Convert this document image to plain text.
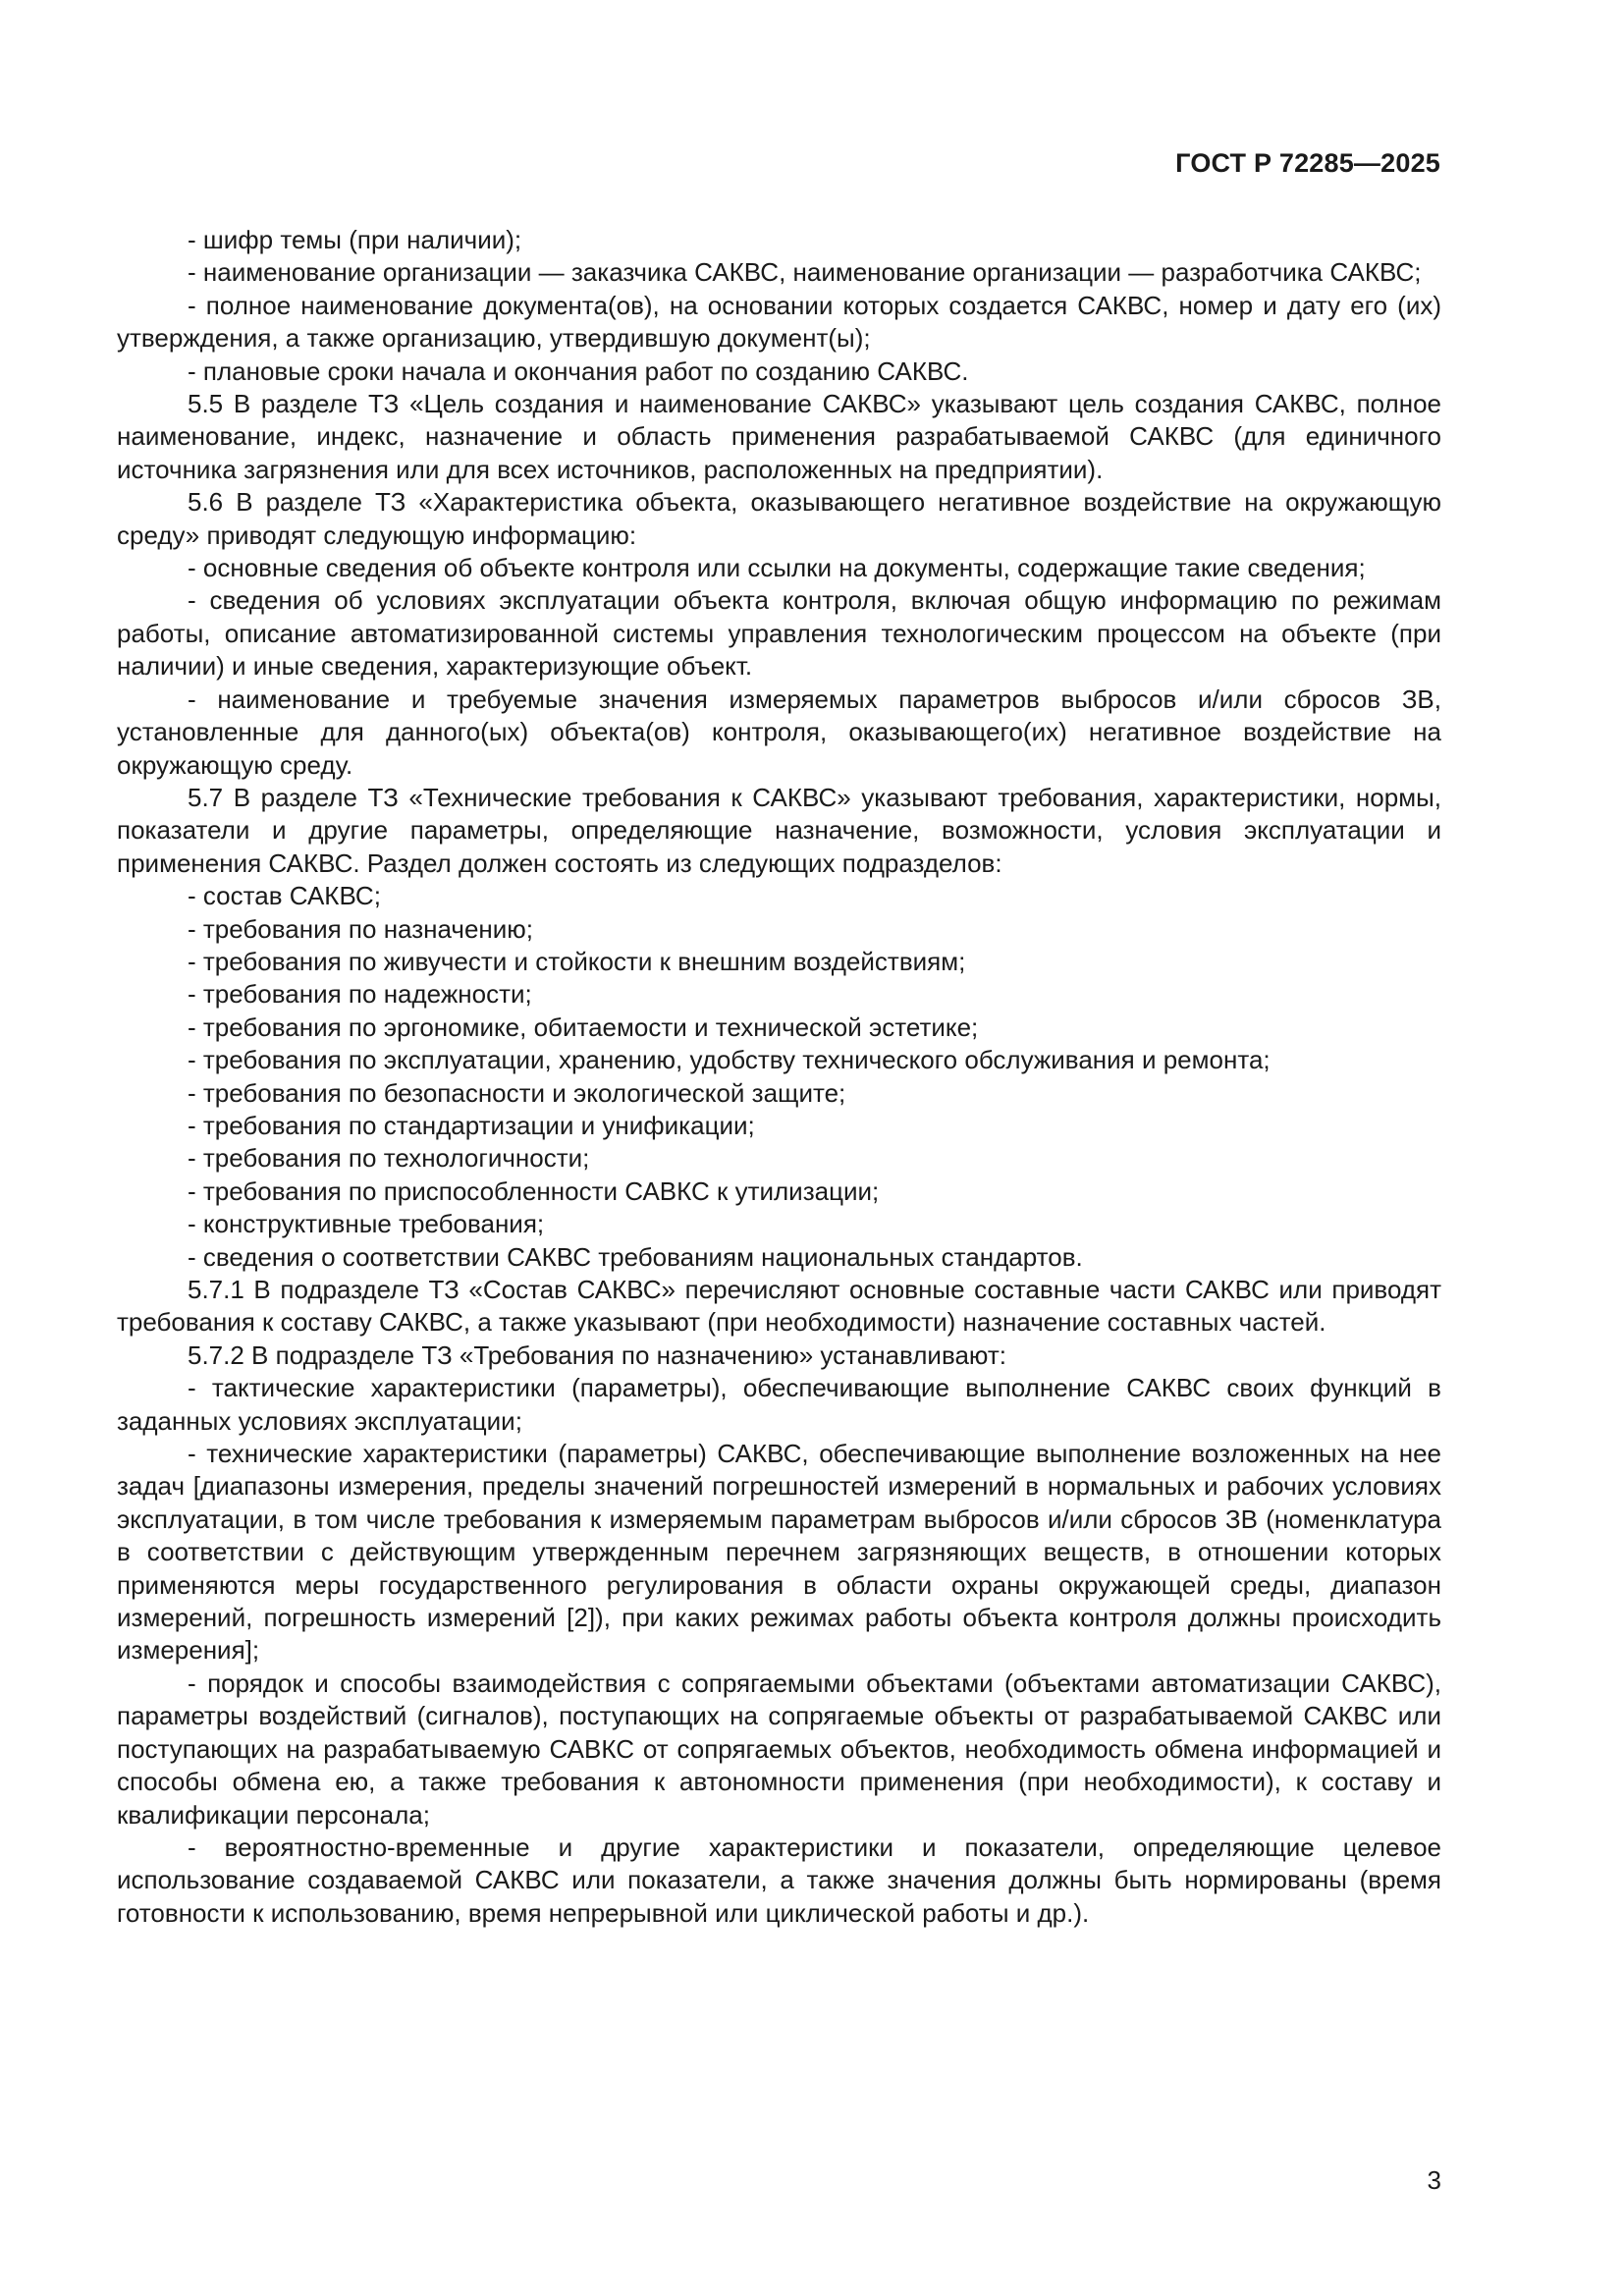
ГОСТ Р 72285—2025

- шифр темы (при наличии);

- наименование организации — заказчика САКВС, наименование организации — разработчика САКВС;

- полное наименование документа(ов), на основании которых создается САКВС, номер и дату его (их) утверждения, а также организацию, утвердившую документ(ы);

- плановые сроки начала и окончания работ по созданию САКВС.

5.5 В разделе ТЗ «Цель создания и наименование САКВС» указывают цель создания САКВС, полное наименование, индекс, назначение и область применения разрабатываемой САКВС (для единичного источника загрязнения или для всех источников, расположенных на предприятии).

5.6 В разделе ТЗ «Характеристика объекта, оказывающего негативное воздействие на окружающую среду» приводят следующую информацию:

- основные сведения об объекте контроля или ссылки на документы, содержащие такие сведения;

- сведения об условиях эксплуатации объекта контроля, включая общую информацию по режимам работы, описание автоматизированной системы управления технологическим процессом на объекте (при наличии) и иные сведения, характеризующие объект.

- наименование и требуемые значения измеряемых параметров выбросов и/или сбросов ЗВ, установленные для данного(ых) объекта(ов) контроля, оказывающего(их) негативное воздействие на окружающую среду.

5.7 В разделе ТЗ «Технические требования к САКВС» указывают требования, характеристики, нормы, показатели и другие параметры, определяющие назначение, возможности, условия эксплуатации и применения САКВС. Раздел должен состоять из следующих подразделов:

- состав САКВС;

- требования по назначению;

- требования по живучести и стойкости к внешним воздействиям;

- требования по надежности;

- требования по эргономике, обитаемости и технической эстетике;

- требования по эксплуатации, хранению, удобству технического обслуживания и ремонта;

- требования по безопасности и экологической защите;

- требования по стандартизации и унификации;

- требования по технологичности;

- требования по приспособленности САВКС к утилизации;

- конструктивные требования;

- сведения о соответствии САКВС требованиям национальных стандартов.

5.7.1 В подразделе ТЗ «Состав САКВС» перечисляют основные составные части САКВС или приводят требования к составу САКВС, а также указывают (при необходимости) назначение составных частей.

5.7.2 В подразделе ТЗ «Требования по назначению» устанавливают:

- тактические характеристики (параметры), обеспечивающие выполнение САКВС своих функций в заданных условиях эксплуатации;

- технические характеристики (параметры) САКВС, обеспечивающие выполнение возложенных на нее задач [диапазоны измерения, пределы значений погрешностей измерений в нормальных и рабочих условиях эксплуатации, в том числе требования к измеряемым параметрам выбросов и/или сбросов ЗВ (номенклатура в соответствии с действующим утвержденным перечнем загрязняющих веществ, в отношении которых применяются меры государственного регулирования в области охраны окружающей среды, диапазон измерений, погрешность измерений [2]), при каких режимах работы объекта контроля должны происходить измерения];

- порядок и способы взаимодействия с сопрягаемыми объектами (объектами автоматизации САКВС), параметры воздействий (сигналов), поступающих на сопрягаемые объекты от разрабатываемой САКВС или поступающих на разрабатываемую САВКС от сопрягаемых объектов, необходимость обмена информацией и способы обмена ею, а также требования к автономности применения (при необходимости), к составу и квалификации персонала;

- вероятностно-временные и другие характеристики и показатели, определяющие целевое использование создаваемой САКВС или показатели, а также значения должны быть нормированы (время готовности к использованию, время непрерывной или циклической работы и др.).

3
